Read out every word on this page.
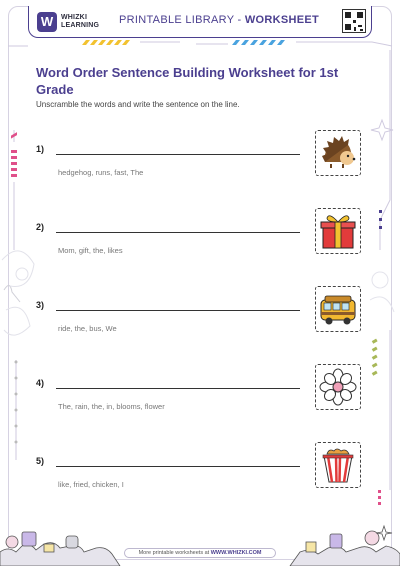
W	WHIZKI
LEARNING PRINTABLE LIBRARY - WORKSHEET
Word Order Sentence Building Worksheet for 1st Grade
Unscramble the words and write the sentence on the line.
1)
hedgehog, runs, fast, The
2)
Mom, gift, the, likes
3)
ride, the, bus, We
4)
The, rain, the, in, blooms, flower
5)
like, fried, chicken, I
More printable worksheets at WWW.WHIZKI.COM
